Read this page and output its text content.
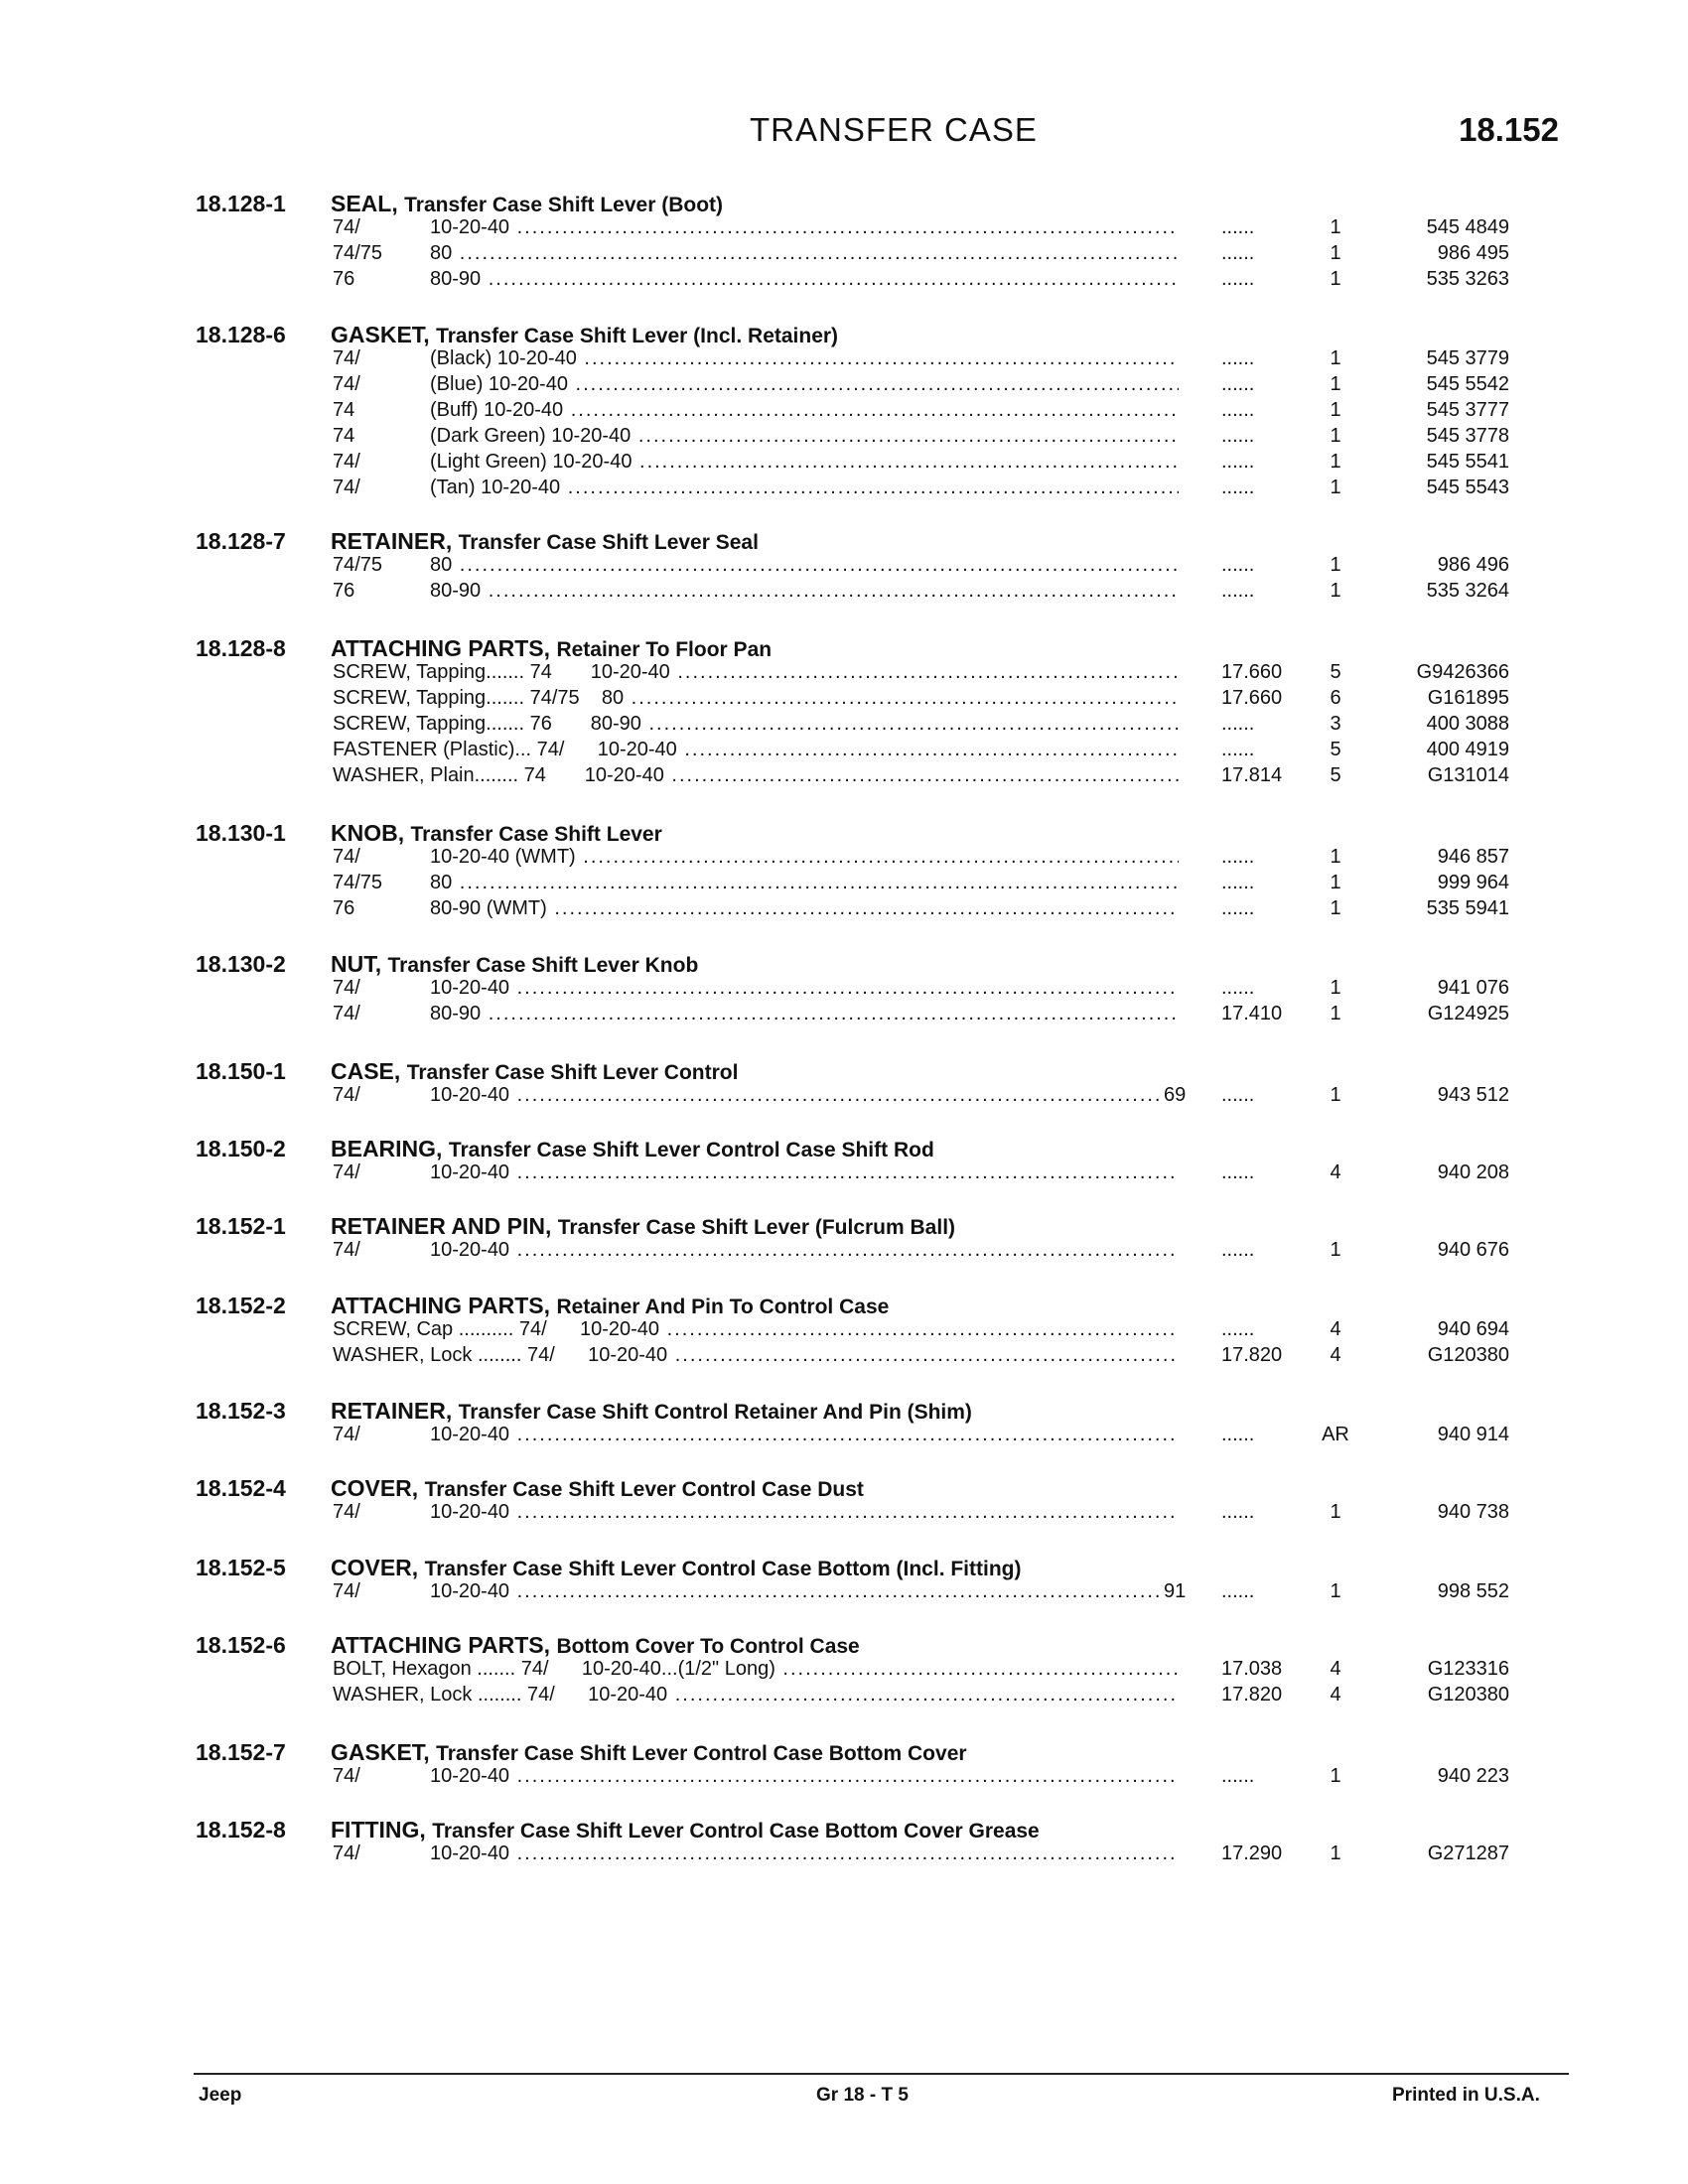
TRANSFER CASE	18.152
18.128-1 SEAL, Transfer Case Shift Lever (Boot)
74/	10-20-40 .....	......	1	545 4849
74/75 80 .....	......	1	986 495
76	80-90 .....	......	1	535 3263
18.128-6 GASKET, Transfer Case Shift Lever (Incl. Retainer)
74/	(Black) 10-20-40 .....	......	1	545 3779
74/	(Blue) 10-20-40 .....	......	1	545 5542
74	(Buff) 10-20-40 .....	......	1	545 3777
74	(Dark Green) 10-20-40 .....	......	1	545 3778
74/	(Light Green) 10-20-40 .....	......	1	545 5541
74/	(Tan) 10-20-40 .....	......	1	545 5543
18.128-7 RETAINER, Transfer Case Shift Lever Seal
74/75 80 .....	......	1	986 496
76	80-90 .....	......	1	535 3264
18.128-8 ATTACHING PARTS, Retainer To Floor Pan
SCREW, Tapping....... 74       10-20-40 .....	17.660	5	G9426366
SCREW, Tapping....... 74/75    80 .....	17.660	6	G161895
SCREW, Tapping....... 76       80-90 .....	......	3	400 3088
FASTENER (Plastic)... 74/      10-20-40 .....	......	5	400 4919
WASHER, Plain........ 74       10-20-40 .....	17.814	5	G131014
18.130-1 KNOB, Transfer Case Shift Lever
74/	10-20-40 (WMT) .....	......	1	946 857
74/75 80 .....	......	1	999 964
76	80-90 (WMT) .....	......	1	535 5941
18.130-2 NUT, Transfer Case Shift Lever Knob
74/	10-20-40 .....	......	1	941 076
74/	80-90 .....	17.410	1	G124925
18.150-1 CASE, Transfer Case Shift Lever Control
74/	10-20-40 .....	69 ......	1	943 512
18.150-2 BEARING, Transfer Case Shift Lever Control Case Shift Rod
74/	10-20-40 .....	......	4	940 208
18.152-1 RETAINER AND PIN, Transfer Case Shift Lever (Fulcrum Ball)
74/	10-20-40 .....	......	1	940 676
18.152-2 ATTACHING PARTS, Retainer And Pin To Control Case
SCREW, Cap .......... 74/      10-20-40 .....	......	4	940 694
WASHER, Lock ........ 74/      10-20-40 .....	17.820	4	G120380
18.152-3 RETAINER, Transfer Case Shift Control Retainer And Pin (Shim)
74/	10-20-40 .....	......	AR	940 914
18.152-4 COVER, Transfer Case Shift Lever Control Case Dust
74/	10-20-40 .....	......	1	940 738
18.152-5 COVER, Transfer Case Shift Lever Control Case Bottom (Incl. Fitting)
74/	10-20-40 .....	91 ......	1	998 552
18.152-6 ATTACHING PARTS, Bottom Cover To Control Case
BOLT, Hexagon ....... 74/      10-20-40...(1/2" Long) .....	17.038	4	G123316
WASHER, Lock ........ 74/      10-20-40 .....	17.820	4	G120380
18.152-7 GASKET, Transfer Case Shift Lever Control Case Bottom Cover
74/	10-20-40 .....	......	1	940 223
18.152-8 FITTING, Transfer Case Shift Lever Control Case Bottom Cover Grease
74/	10-20-40 .....	17.290	1	G271287
Jeep	Gr 18 - T 5	Printed in U.S.A.
